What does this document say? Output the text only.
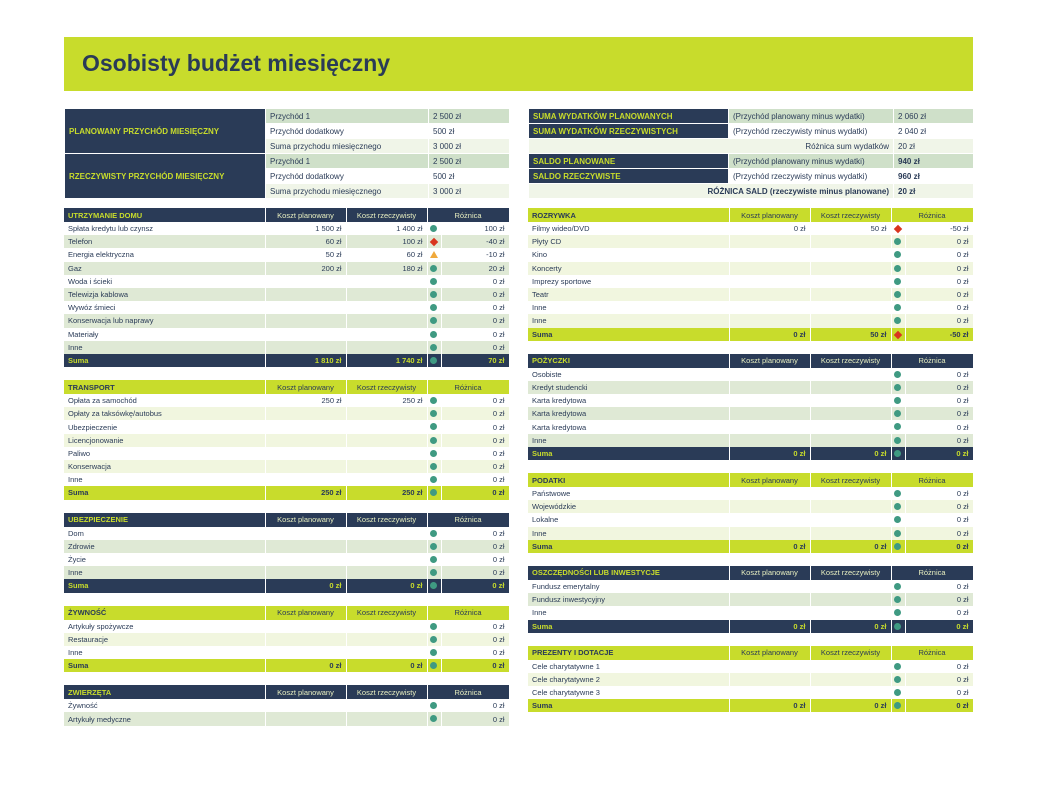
Osobisty budżet miesięczny
PLANOWANY PRZYCHÓD MIESIĘCZNY	Przychód 1	2 500 zł
	Przychód dodatkowy	500 zł
	Suma przychodu miesięcznego	3 000 zł
RZECZYWISTY PRZYCHÓD MIESIĘCZNY	Przychód 1	2 500 zł
	Przychód dodatkowy	500 zł
	Suma przychodu miesięcznego	3 000 zł
SUMA WYDATKÓW PLANOWANYCH	(Przychód planowany minus wydatki)	2 060 zł
SUMA WYDATKÓW RZECZYWISTYCH	(Przychód rzeczywisty minus wydatki)	2 040 zł
Różnica sum wydatków		20 zł
SALDO PLANOWANE	(Przychód planowany minus wydatki)	940 zł
SALDO RZECZYWISTE	(Przychód rzeczywisty minus wydatki)	960 zł
RÓŻNICA SALD (rzeczywiste minus planowane)		20 zł
UTRZYMANIE DOMU	Koszt planowany	Koszt rzeczywisty	Różnica	
Spłata kredytu lub czynsz	1 500 zł	1 400 zł		100 zł
Telefon	60 zł	100 zł		-40 zł
Energia elektryczna	50 zł	60 zł		-10 zł
Gaz	200 zł	180 zł		20 zł
Woda i ścieki				0 zł
Telewizja kablowa				0 zł
Wywóz śmieci				0 zł
Konserwacja lub naprawy				0 zł
Materiały				0 zł
Inne				0 zł
Suma	1 810 zł	1 740 zł		70 zł
TRANSPORT	Koszt planowany	Koszt rzeczywisty	Różnica	
Opłata za samochód	250 zł	250 zł		0 zł
Opłaty za taksówkę/autobus				0 zł
Ubezpieczenie				0 zł
Licencjonowanie				0 zł
Paliwo				0 zł
Konserwacja				0 zł
Inne				0 zł
Suma	250 zł	250 zł		0 zł
UBEZPIECZENIE	Koszt planowany	Koszt rzeczywisty	Różnica	
Dom				0 zł
Zdrowie				0 zł
Życie				0 zł
Inne				0 zł
Suma	0 zł	0 zł		0 zł
ŻYWNOŚĆ	Koszt planowany	Koszt rzeczywisty	Różnica	
Artykuły spożywcze				0 zł
Restauracje				0 zł
Inne				0 zł
Suma	0 zł	0 zł		0 zł
ZWIERZĘTA	Koszt planowany	Koszt rzeczywisty	Różnica	
Żywność				0 zł
Artykuły medyczne				0 zł
ROZRYWKA	Koszt planowany	Koszt rzeczywisty	Różnica	
Filmy wideo/DVD	0 zł	50 zł		-50 zł
Płyty CD				0 zł
Kino				0 zł
Koncerty				0 zł
Imprezy sportowe				0 zł
Teatr				0 zł
Inne				0 zł
Inne				0 zł
Suma	0 zł	50 zł		-50 zł
POŻYCZKI	Koszt planowany	Koszt rzeczywisty	Różnica	
Osobiste				0 zł
Kredyt studencki				0 zł
Karta kredytowa				0 zł
Karta kredytowa				0 zł
Karta kredytowa				0 zł
Inne				0 zł
Suma	0 zł	0 zł		0 zł
PODATKI	Koszt planowany	Koszt rzeczywisty	Różnica	
Państwowe				0 zł
Wojewódzkie				0 zł
Lokalne				0 zł
Inne				0 zł
Suma	0 zł	0 zł		0 zł
OSZCZĘDNOŚCI LUB INWESTYCJE	Koszt planowany	Koszt rzeczywisty	Różnica	
Fundusz emerytalny				0 zł
Fundusz inwestycyjny				0 zł
Inne				0 zł
Suma	0 zł	0 zł		0 zł
PREZENTY I DOTACJE	Koszt planowany	Koszt rzeczywisty	Różnica	
Cele charytatywne 1				0 zł
Cele charytatywne 2				0 zł
Cele charytatywne 3				0 zł
Suma	0 zł	0 zł		0 zł
